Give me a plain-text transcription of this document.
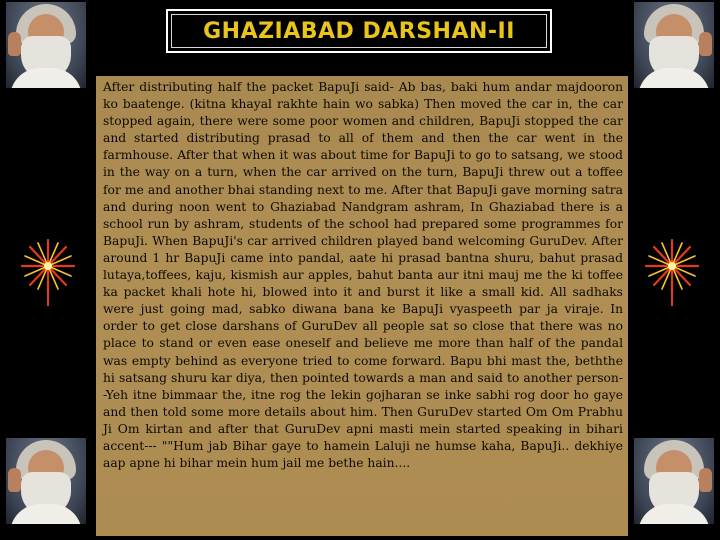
GHAZIABAD DARSHAN-II

After distributing half the packet BapuJi said- Ab bas, baki hum andar majdooron ko baatenge. (kitna khayal rakhte hain wo sabka) Then moved the car in, the car stopped again, there were some poor women and children, BapuJi stopped the car and started distributing prasad to all of them and then the car went in the farmhouse. After that when it was about time for BapuJi to go to satsang, we stood in the way on a turn, when the car arrived on the turn, BapuJi threw out a toffee for me and another bhai standing next to me. After that BapuJi gave morning satra and during noon went to Ghaziabad Nandgram ashram, In Ghaziabad there is a school run by ashram, students of the school had prepared some programmes for BapuJi. When BapuJi's car arrived children played band welcoming GuruDev. After around 1 hr BapuJi came into pandal, aate hi prasad bantna shuru, bahut prasad lutaya,toffees, kaju, kismish aur apples, bahut banta aur itni mauj me the ki toffee ka packet khali hote hi, blowed into it and burst it like a small kid. All sadhaks were just going mad, sabko diwana bana ke BapuJi vyaspeeth par ja viraje. In order to get close darshans of GuruDev all people sat so close that there was no place to stand or even ease oneself and believe me more than half of the pandal was empty behind as everyone tried to come forward. Bapu bhi mast the, beththe hi satsang shuru kar diya, then pointed towards a man and said to another person--Yeh itne bimmaar the, itne rog the lekin gojharan se inke sabhi rog door ho gaye and then told some more details about him. Then GuruDev started Om Om Prabhu Ji Om kirtan and after that GuruDev apni masti mein started speaking in bihari accent--- ""Hum jab Bihar gaye to hamein Laluji ne humse kaha, BapuJi.. dekhiye aap apne hi bihar mein hum jail me bethe hain....
